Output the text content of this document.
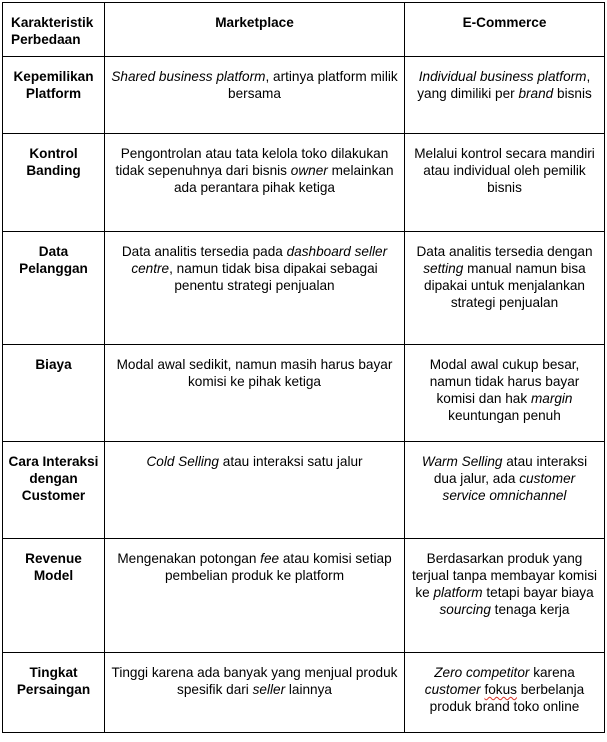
Karakteristik Perbedaan	Marketplace	E-Commerce
Kepemilikan Platform	Shared business platform, artinya platform milik bersama	Individual business platform, yang dimiliki per brand bisnis
Kontrol Banding	Pengontrolan atau tata kelola toko dilakukan tidak sepenuhnya dari bisnis owner melainkan ada perantara pihak ketiga	Melalui kontrol secara mandiri atau individual oleh pemilik bisnis
Data Pelanggan	Data analitis tersedia pada dashboard seller centre, namun tidak bisa dipakai sebagai penentu strategi penjualan	Data analitis tersedia dengan setting manual namun bisa dipakai untuk menjalankan strategi penjualan
Biaya	Modal awal sedikit, namun masih harus bayar komisi ke pihak ketiga	Modal awal cukup besar, namun tidak harus bayar komisi dan hak margin keuntungan penuh
Cara Interaksi dengan Customer	Cold Selling atau interaksi satu jalur	Warm Selling atau interaksi dua jalur, ada customer service omnichannel
Revenue Model	Mengenakan potongan fee atau komisi setiap pembelian produk ke platform	Berdasarkan produk yang terjual tanpa membayar komisi ke platform tetapi bayar biaya sourcing tenaga kerja
Tingkat Persaingan	Tinggi karena ada banyak yang menjual produk spesifik dari seller lainnya	Zero competitor karena customer fokus berbelanja produk brand toko online
